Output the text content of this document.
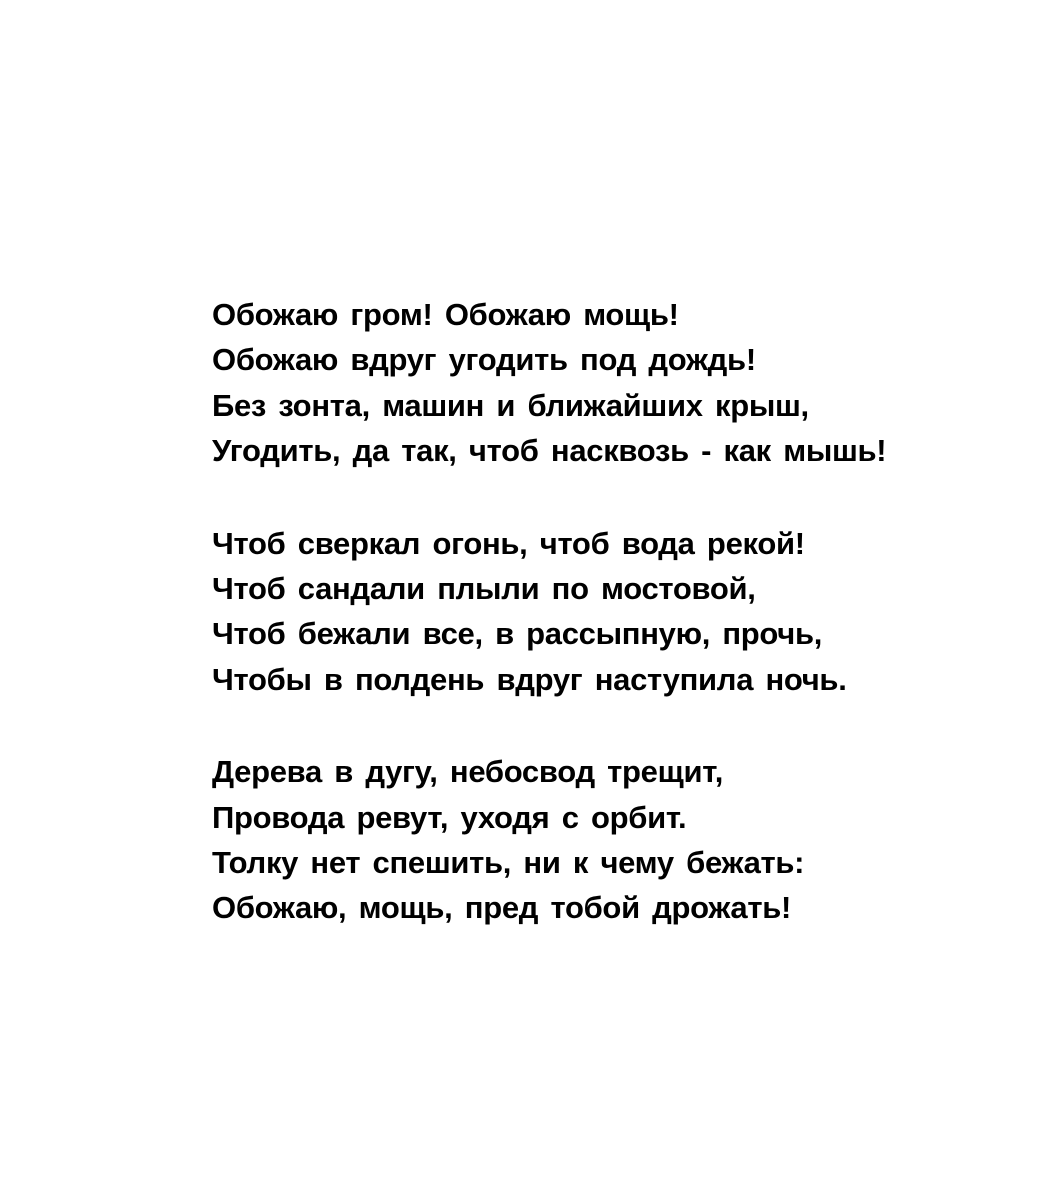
Обожаю гром! Обожаю мощь!
Обожаю вдруг угодить под дождь!
Без зонта, машин и ближайших крыш,
Угодить, да так, чтоб насквозь - как мышь!
Чтоб сверкал огонь, чтоб вода рекой!
Чтоб сандали плыли по мостовой,
Чтоб бежали все, в рассыпную, прочь,
Чтобы в полдень вдруг наступила ночь.
Дерева в дугу, небосвод трещит,
Провода ревут, уходя с орбит.
Толку нет спешить, ни к чему бежать:
Обожаю, мощь, пред тобой дрожать!
